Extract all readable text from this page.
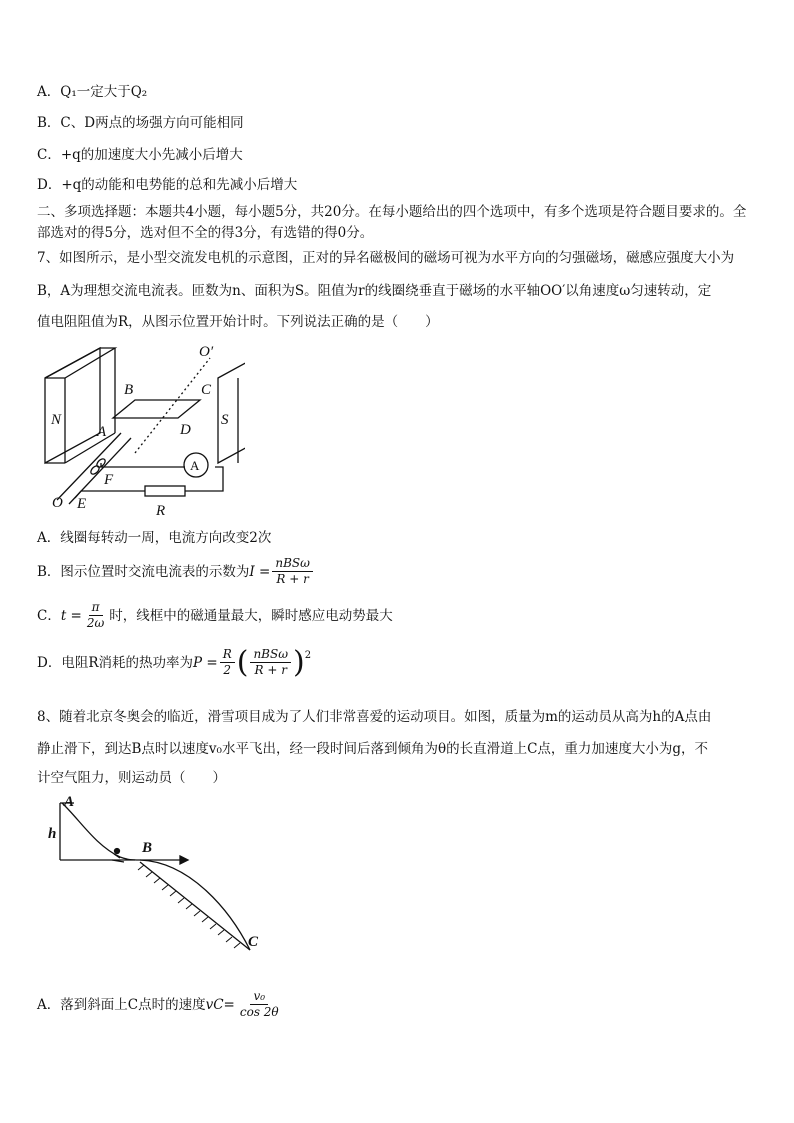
A．Q₁一定大于Q₂
B．C、D两点的场强方向可能相同
C．+q的加速度大小先减小后增大
D．+q的动能和电势能的总和先减小后增大
二、多项选择题：本题共4小题，每小题5分，共20分。在每小题给出的四个选项中，有多个选项是符合题目要求的。全部选对的得5分，选对但不全的得3分，有选错的得0分。
7、如图所示，是小型交流发电机的示意图，正对的异名磁极间的磁场可视为水平方向的匀强磁场，磁感应强度大小为
B，A为理想交流电流表。匝数为n、面积为S。阻值为r的线圈绕垂直于磁场的水平轴OO′以角速度ω匀速转动，定
值电阻阻值为R，从图示位置开始计时。下列说法正确的是（　　）
N	S
O′
B	C
A	D
F
O E	R
A
A．线圈每转动一周，电流方向改变2次
B．图示位置时交流电流表的示数为 $I = \frac{\text{nBSω}}{R + r}$
C． $t = \frac{\pi}{2\omega}$ 时，线框中的磁通量最大，瞬时感应电动势最大
D．电阻R消耗的热功率为 $P = \frac{R}{2}$ ( $\frac{\text{nBSω}}{R + r} )^2$
8、随着北京冬奥会的临近，滑雪项目成为了人们非常喜爱的运动项目。如图，质量为m的运动员从高为h的A点由
静止滑下，到达B点时以速度v₀水平飞出，经一段时间后落到倾角为θ的长直滑道上C点，重力加速度大小为g，不
计空气阻力，则运动员（　　）
A
h
B
C
A．落到斜面上C点时的速度 $vC= \frac{\text{v₀}}{\cos 2\theta}$
